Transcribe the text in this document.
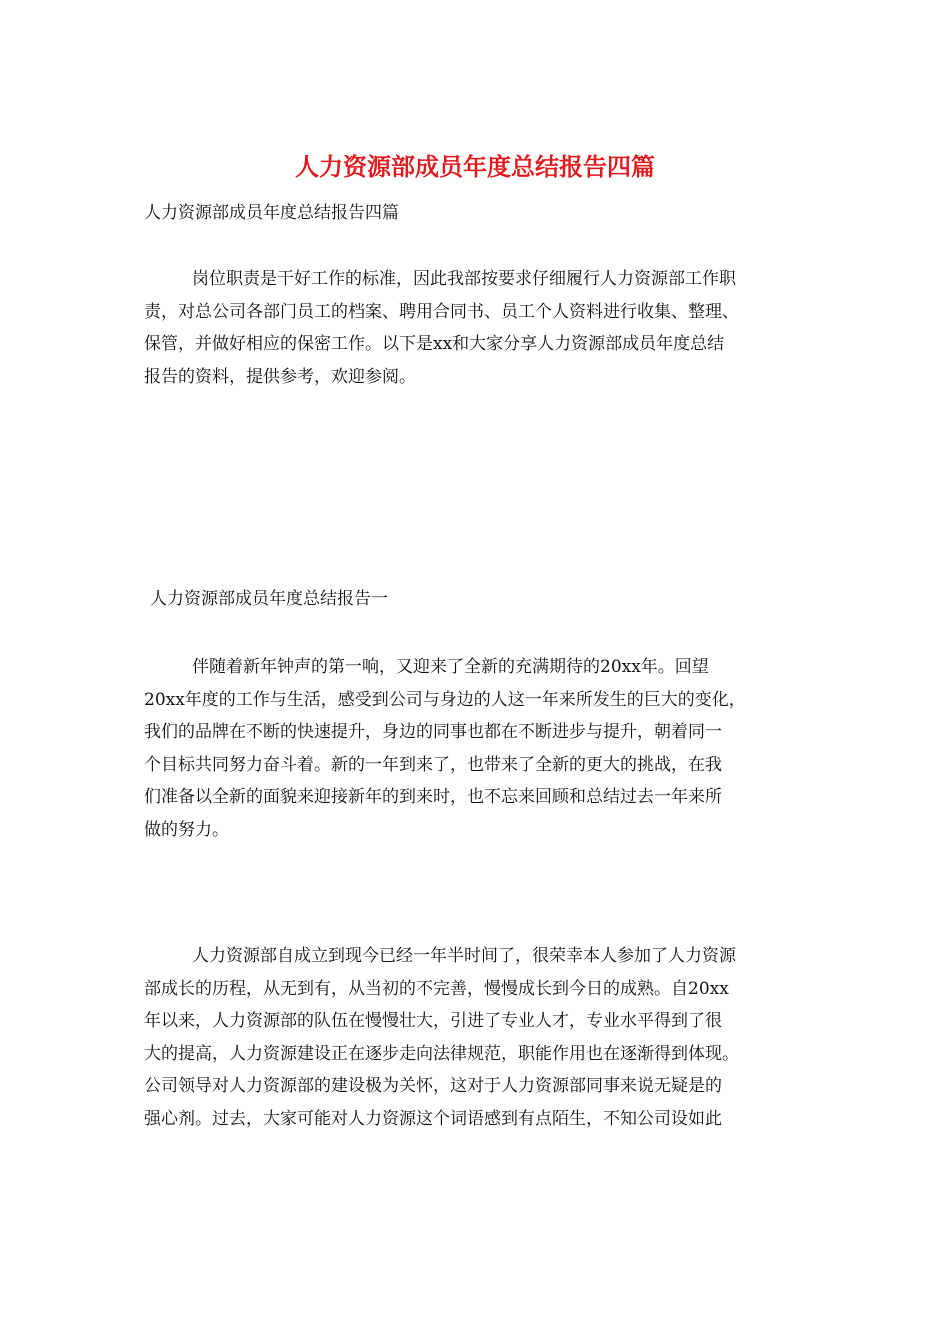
人力资源部成员年度总结报告四篇

人力资源部成员年度总结报告四篇

岗位职责是干好工作的标准，因此我部按要求仔细履行人力资源部工作职
责，对总公司各部门员工的档案、聘用合同书、员工个人资料进行收集、整理、
保管，并做好相应的保密工作。以下是xx和大家分享人力资源部成员年度总结
报告的资料，提供参考，欢迎参阅。

人力资源部成员年度总结报告一

伴随着新年钟声的第一响，又迎来了全新的充满期待的20xx年。回望
20xx年度的工作与生活，感受到公司与身边的人这一年来所发生的巨大的变化，
我们的品牌在不断的快速提升，身边的同事也都在不断进步与提升，朝着同一
个目标共同努力奋斗着。新的一年到来了，也带来了全新的更大的挑战，在我
们准备以全新的面貌来迎接新年的到来时，也不忘来回顾和总结过去一年来所
做的努力。
人力资源部自成立到现今已经一年半时间了，很荣幸本人参加了人力资源
部成长的历程，从无到有，从当初的不完善，慢慢成长到今日的成熟。自20xx
年以来，人力资源部的队伍在慢慢壮大，引进了专业人才，专业水平得到了很
大的提高，人力资源建设正在逐步走向法律规范，职能作用也在逐渐得到体现。
公司领导对人力资源部的建设极为关怀，这对于人力资源部同事来说无疑是的
强心剂。过去，大家可能对人力资源这个词语感到有点陌生，不知公司设如此
